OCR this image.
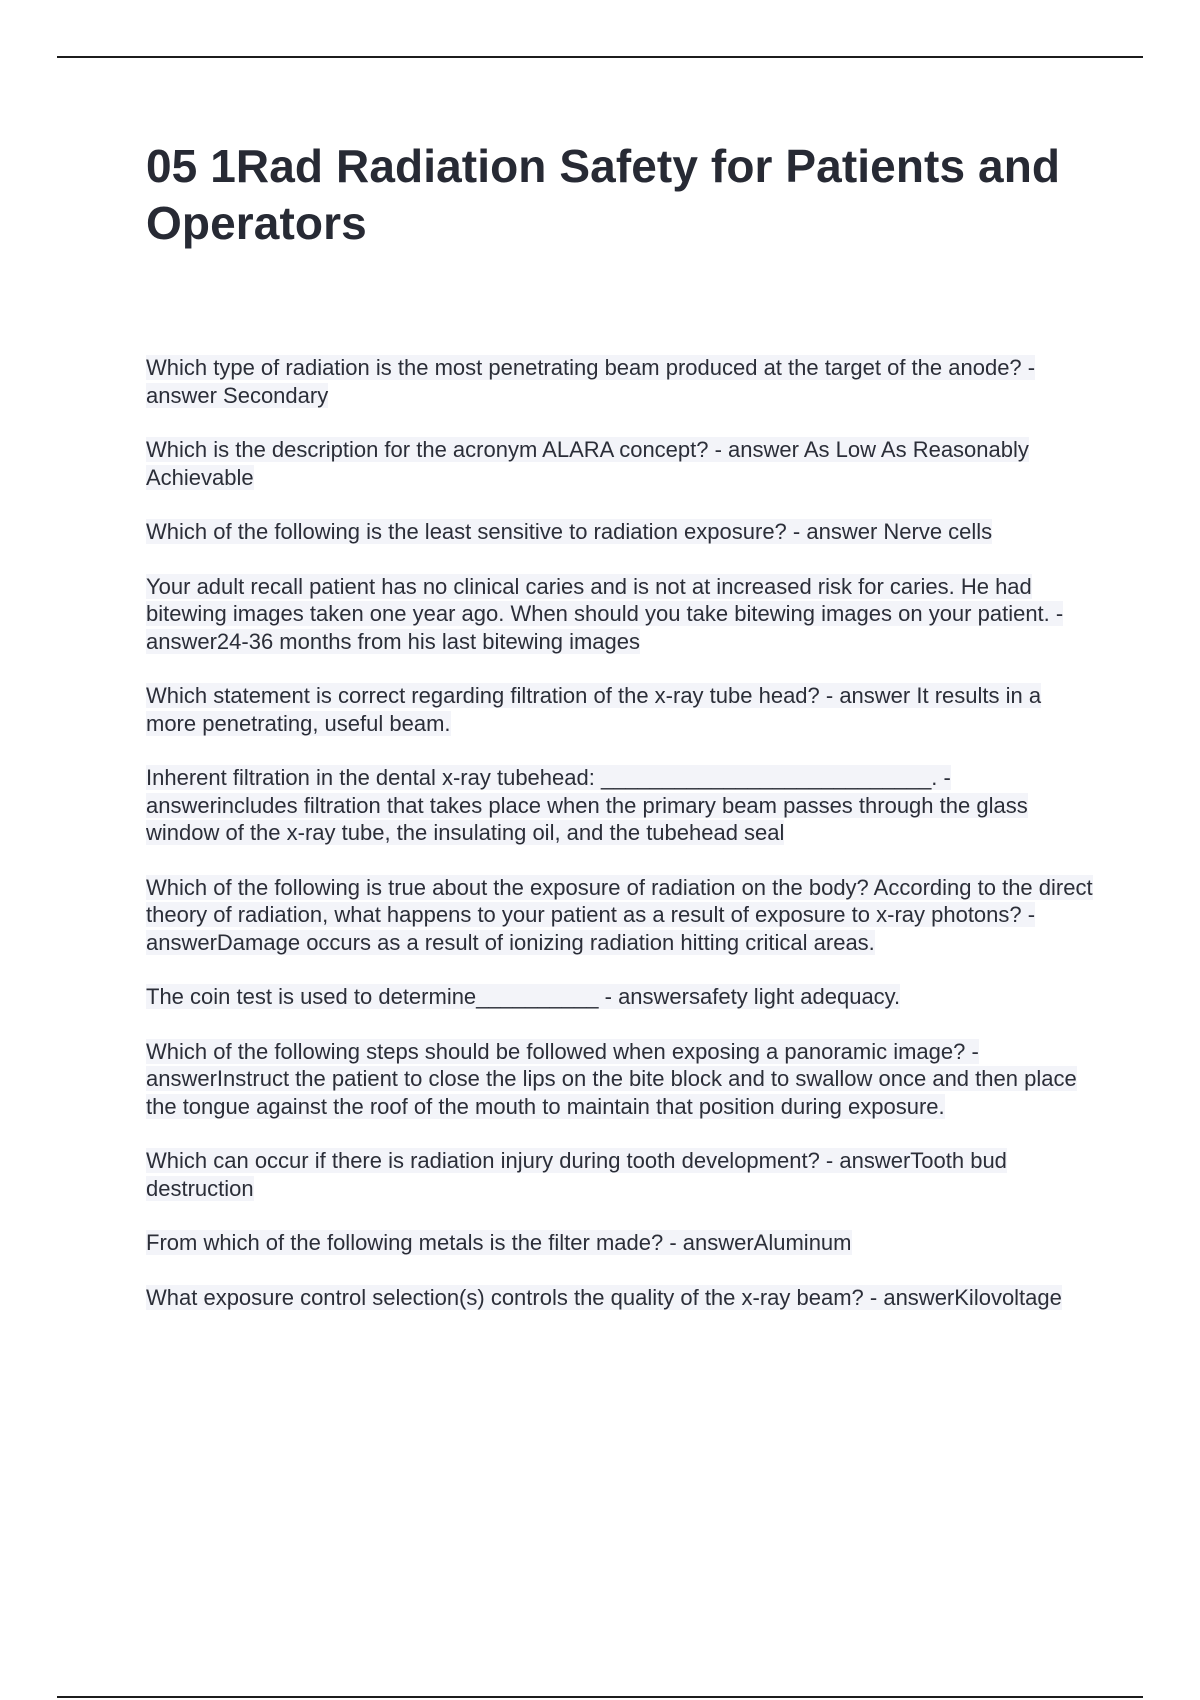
05 1Rad Radiation Safety for Patients and Operators

Which type of radiation is the most penetrating beam produced at the target of the anode? - answer Secondary

Which is the description for the acronym ALARA concept? - answer As Low As Reasonably Achievable

Which of the following is the least sensitive to radiation exposure? - answer Nerve cells

Your adult recall patient has no clinical caries and is not at increased risk for caries. He had bitewing images taken one year ago. When should you take bitewing images on your patient. - answer24-36 months from his last bitewing images

Which statement is correct regarding filtration of the x-ray tube head? - answer It results in a more penetrating, useful beam.

Inherent filtration in the dental x-ray tubehead: ___________________________. - answerincludes filtration that takes place when the primary beam passes through the glass window of the x-ray tube, the insulating oil, and the tubehead seal

Which of the following is true about the exposure of radiation on the body? According to the direct theory of radiation, what happens to your patient as a result of exposure to x-ray photons? - answerDamage occurs as a result of ionizing radiation hitting critical areas.

The coin test is used to determine__________ - answersafety light adequacy.

Which of the following steps should be followed when exposing a panoramic image? - answerInstruct the patient to close the lips on the bite block and to swallow once and then place the tongue against the roof of the mouth to maintain that position during exposure.

Which can occur if there is radiation injury during tooth development? - answerTooth bud destruction

From which of the following metals is the filter made? - answerAluminum

What exposure control selection(s) controls the quality of the x-ray beam? - answerKilovoltage
